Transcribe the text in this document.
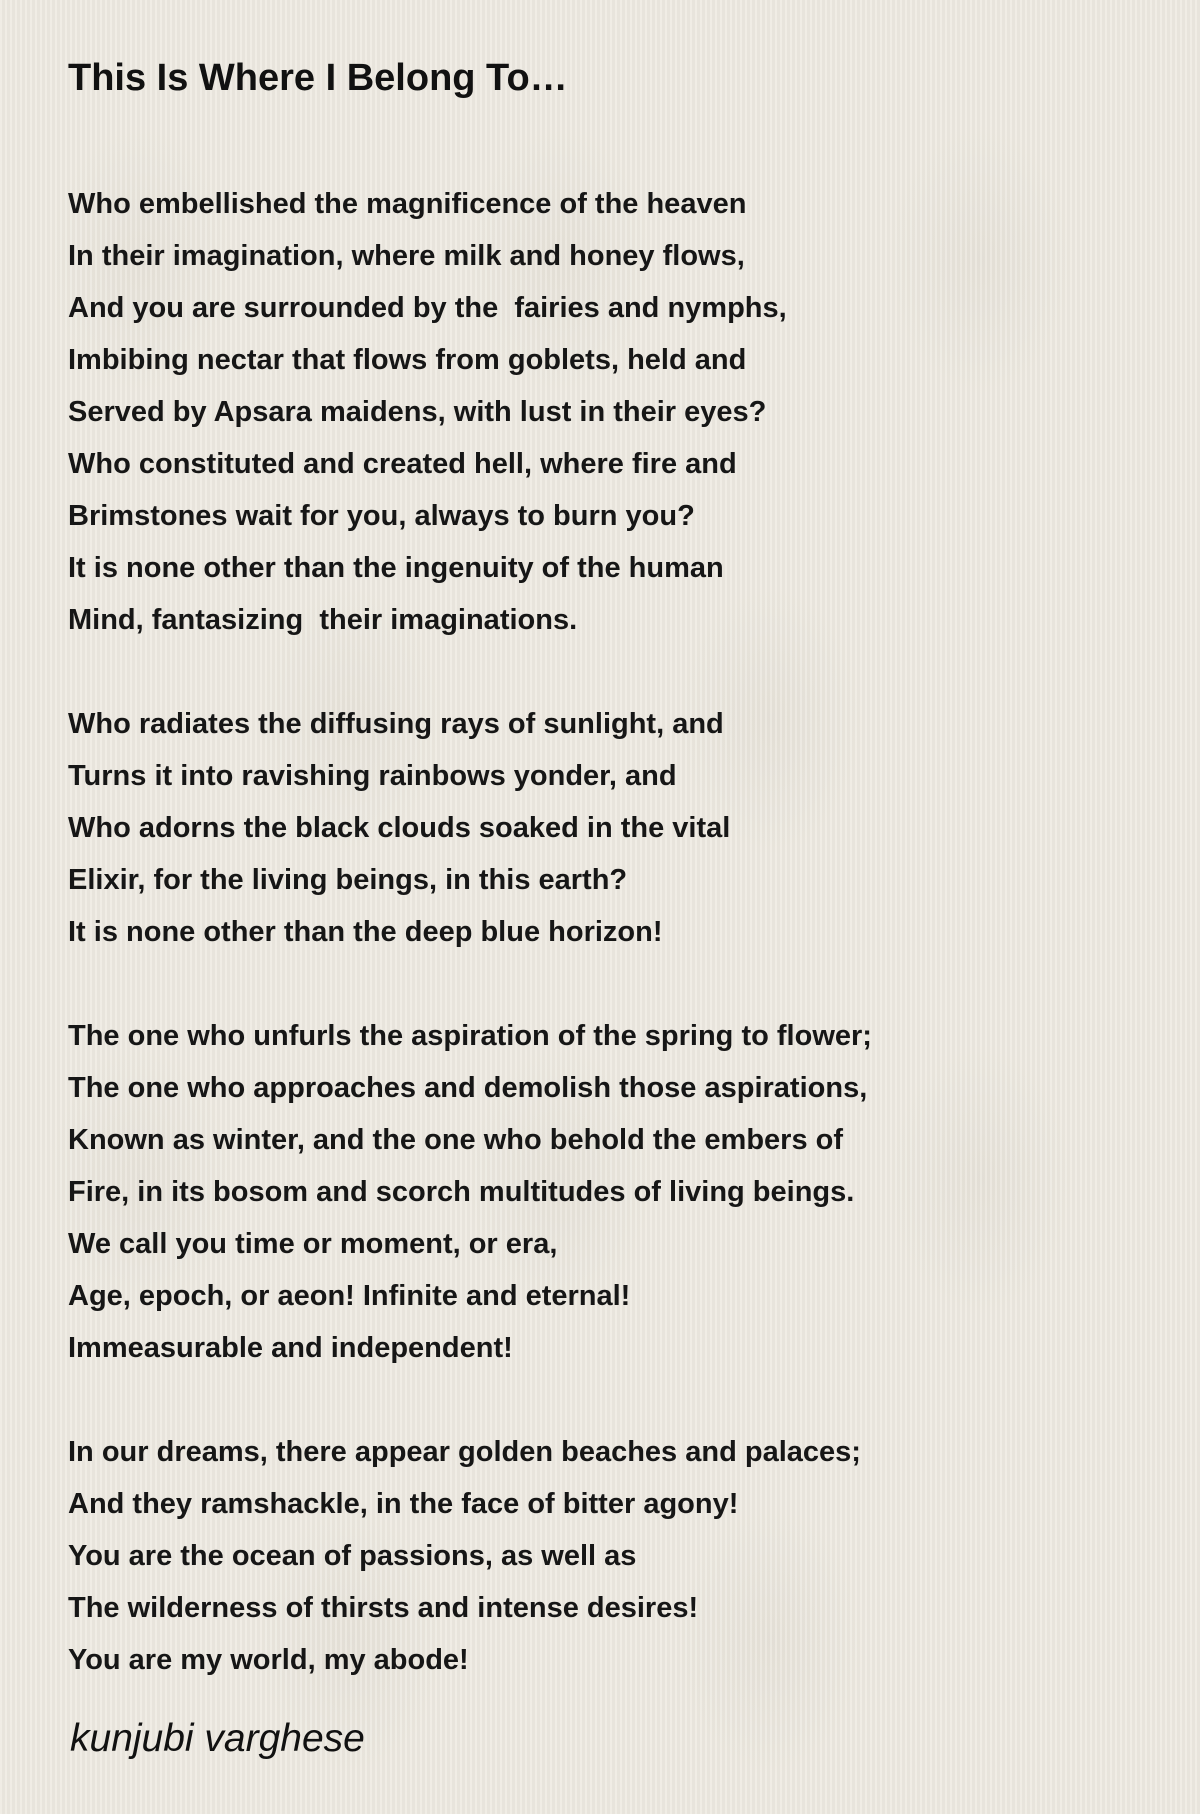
This Is Where I Belong To…
Who embellished the magnificence of the heaven
In their imagination, where milk and honey flows,
And you are surrounded by the  fairies and nymphs,
Imbibing nectar that flows from goblets, held and
Served by Apsara maidens, with lust in their eyes?
Who constituted and created hell, where fire and
Brimstones wait for you, always to burn you?
It is none other than the ingenuity of the human
Mind, fantasizing  their imaginations.
Who radiates the diffusing rays of sunlight, and
Turns it into ravishing rainbows yonder, and
Who adorns the black clouds soaked in the vital
Elixir, for the living beings, in this earth?
It is none other than the deep blue horizon!
The one who unfurls the aspiration of the spring to flower;
The one who approaches and demolish those aspirations,
Known as winter, and the one who behold the embers of
Fire, in its bosom and scorch multitudes of living beings.
We call you time or moment, or era,
Age, epoch, or aeon! Infinite and eternal!
Immeasurable and independent!
In our dreams, there appear golden beaches and palaces;
And they ramshackle, in the face of bitter agony!
You are the ocean of passions, as well as
The wilderness of thirsts and intense desires!
You are my world, my abode!

kunjubi varghese
